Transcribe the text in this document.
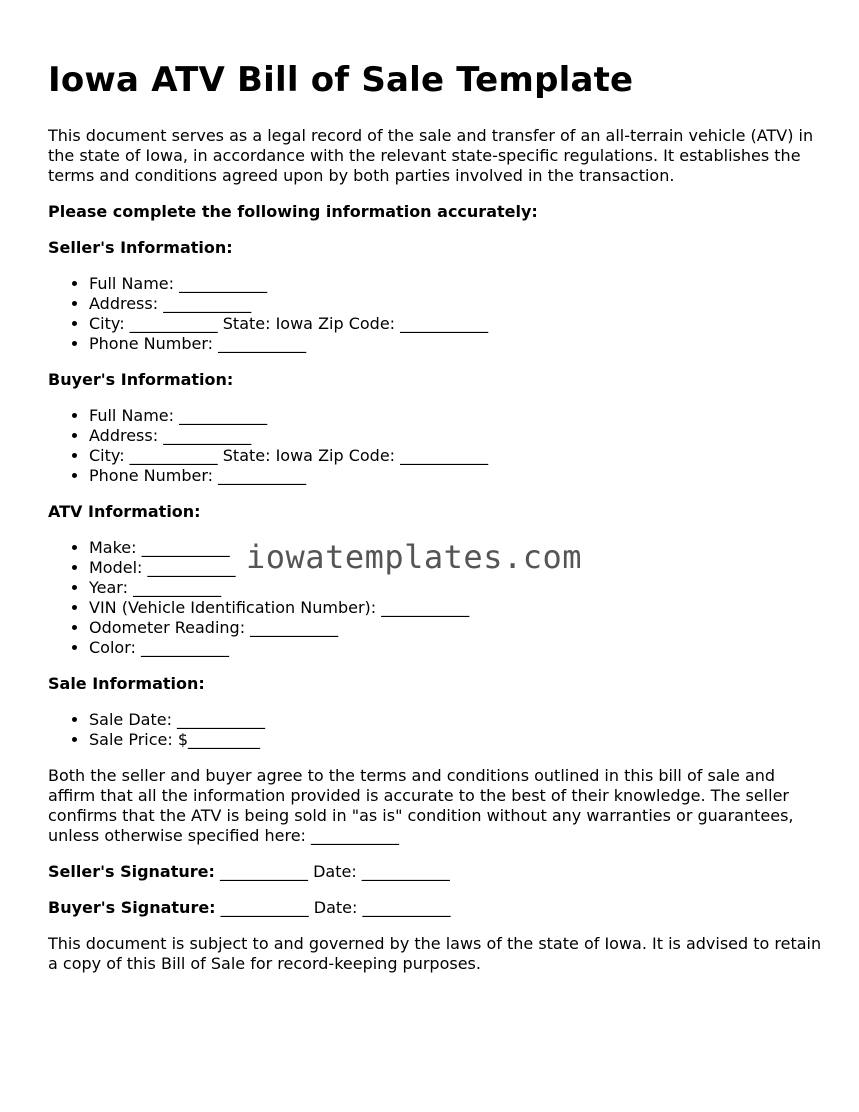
Iowa ATV Bill of Sale Template

This document serves as a legal record of the sale and transfer of an all-terrain vehicle (ATV) in the state of Iowa, in accordance with the relevant state-specific regulations. It establishes the terms and conditions agreed upon by both parties involved in the transaction.

Please complete the following information accurately:

Seller's Information:
• Full Name: ___________
• Address: ___________
• City: ___________ State: Iowa Zip Code: ___________
• Phone Number: ___________
Buyer's Information:
• Full Name: ___________
• Address: ___________
• City: ___________ State: Iowa Zip Code: ___________
• Phone Number: ___________
ATV Information:
• Make: ___________
• Model: ___________
• Year: ___________
• VIN (Vehicle Identification Number): ___________
• Odometer Reading: ___________
• Color: ___________
Sale Information:
• Sale Date: ___________
• Sale Price: $_________

Both the seller and buyer agree to the terms and conditions outlined in this bill of sale and affirm that all the information provided is accurate to the best of their knowledge. The seller confirms that the ATV is being sold in "as is" condition without any warranties or guarantees, unless otherwise specified here: ___________

Seller's Signature: ___________ Date: ___________

Buyer's Signature: ___________ Date: ___________

This document is subject to and governed by the laws of the state of Iowa. It is advised to retain a copy of this Bill of Sale for record-keeping purposes.

iowatemplates.com
